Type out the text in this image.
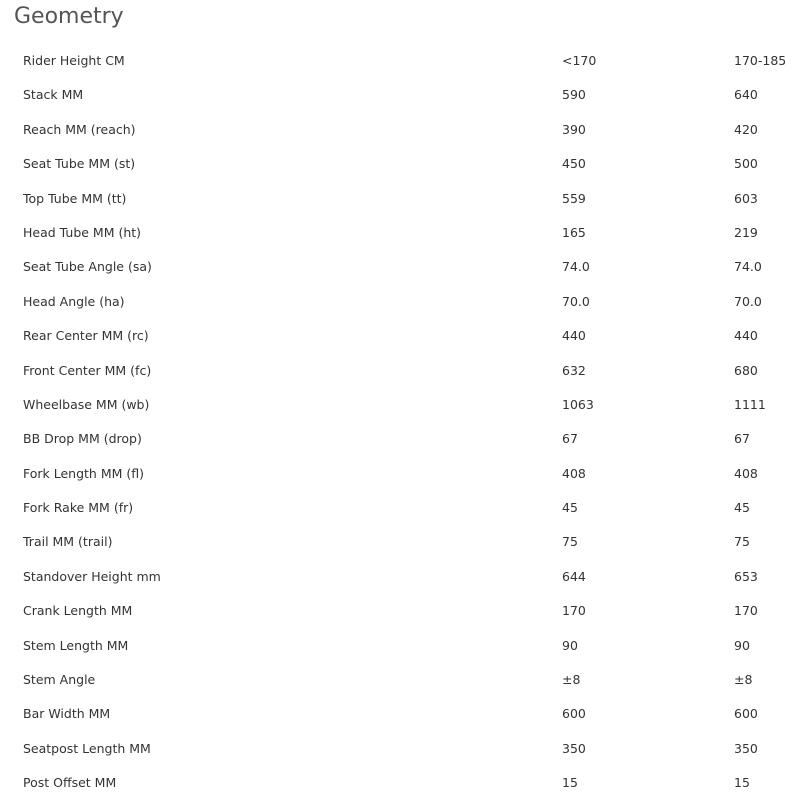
Geometry
Rider Height CM	<170	170-185
Stack MM	590	640
Reach MM (reach)	390	420
Seat Tube MM (st)	450	500
Top Tube MM (tt)	559	603
Head Tube MM (ht)	165	219
Seat Tube Angle (sa)	74.0	74.0
Head Angle (ha)	70.0	70.0
Rear Center MM (rc)	440	440
Front Center MM (fc)	632	680
Wheelbase MM (wb)	1063	1111
BB Drop MM (drop)	67	67
Fork Length MM (fl)	408	408
Fork Rake MM (fr)	45	45
Trail MM (trail)	75	75
Standover Height mm	644	653
Crank Length MM	170	170
Stem Length MM	90	90
Stem Angle	±8	±8
Bar Width MM	600	600
Seatpost Length MM	350	350
Post Offset MM	15	15
